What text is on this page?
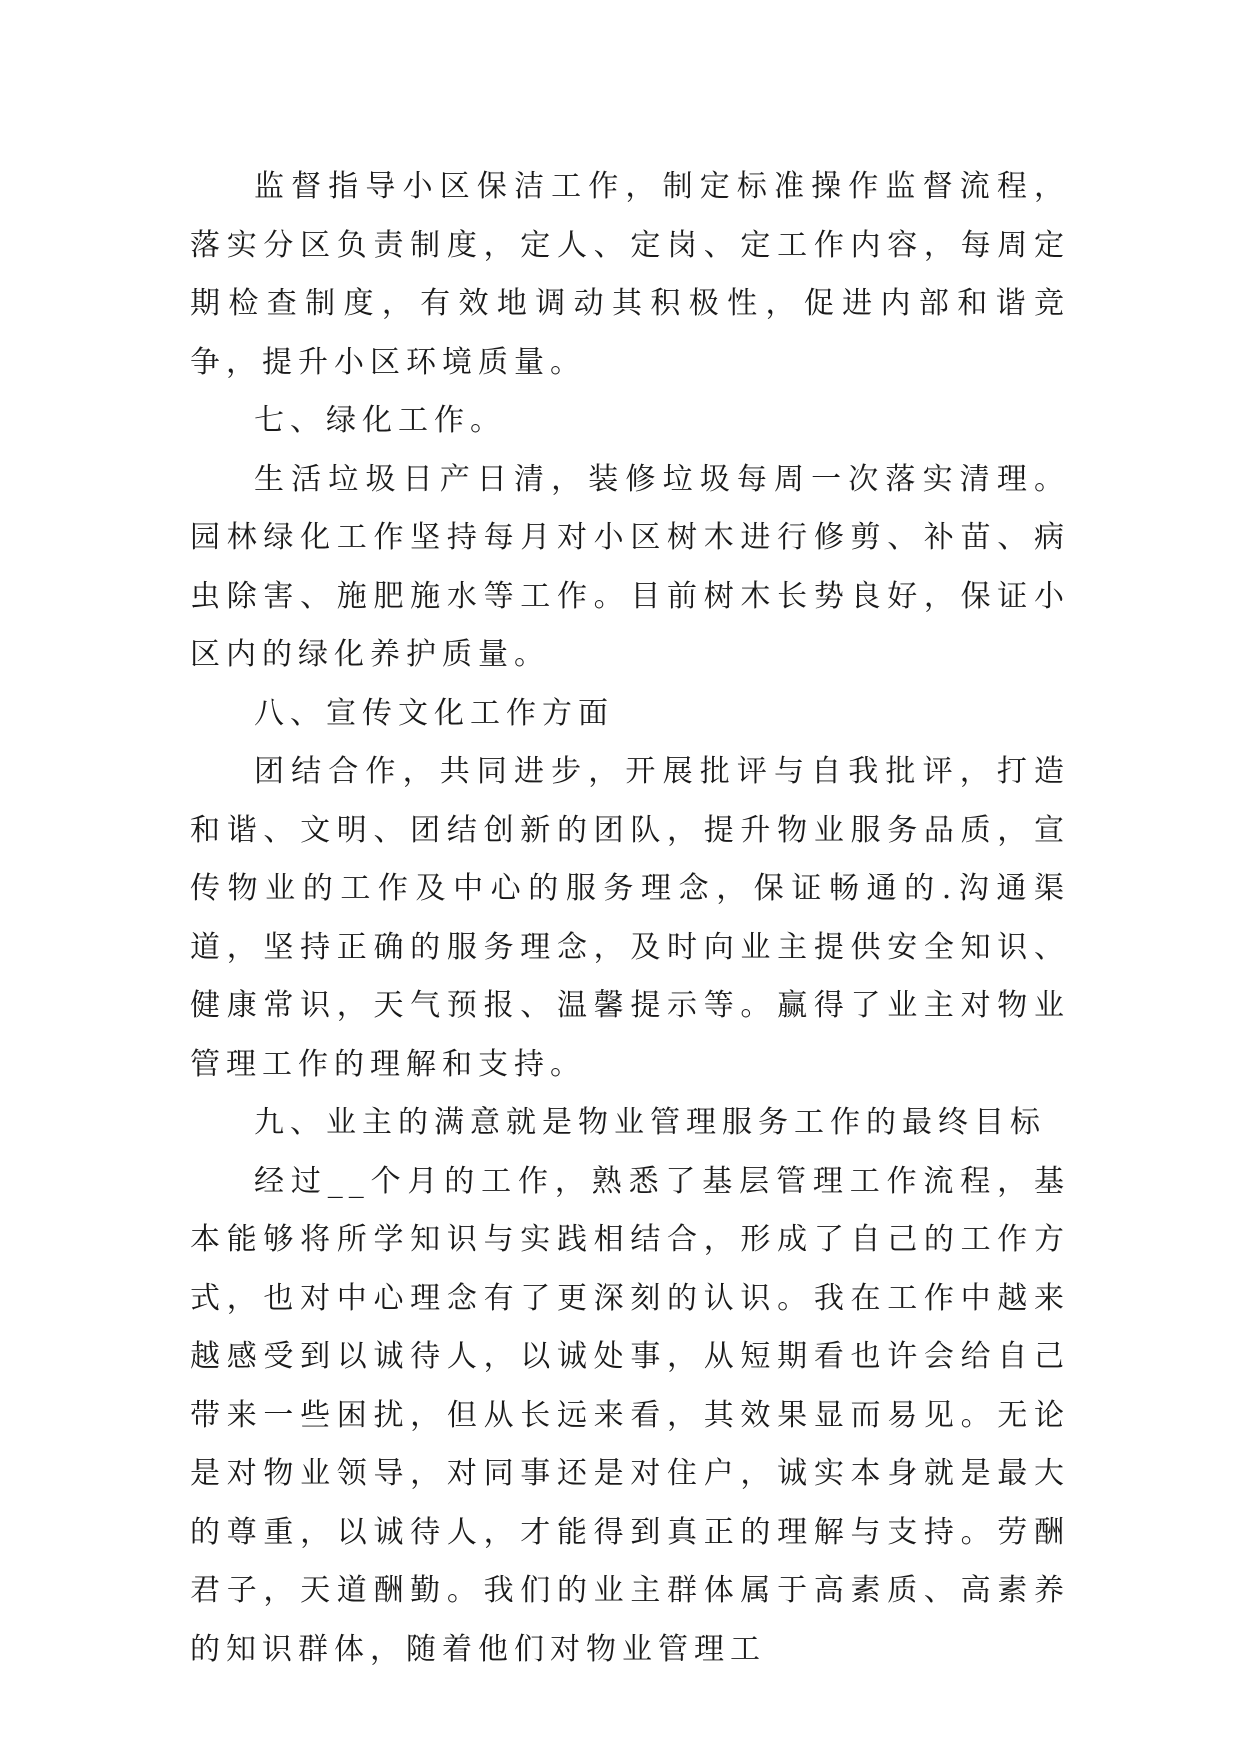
监督指导小区保洁工作，制定标准操作监督流程，落实分区负责制度，定人、定岗、定工作内容，每周定期检查制度，有效地调动其积极性，促进内部和谐竞争，提升小区环境质量。

七、绿化工作。

生活垃圾日产日清，装修垃圾每周一次落实清理。园林绿化工作坚持每月对小区树木进行修剪、补苗、病虫除害、施肥施水等工作。目前树木长势良好，保证小区内的绿化养护质量。

八、宣传文化工作方面

团结合作，共同进步，开展批评与自我批评，打造和谐、文明、团结创新的团队，提升物业服务品质，宣传物业的工作及中心的服务理念，保证畅通的.沟通渠道，坚持正确的服务理念，及时向业主提供安全知识、健康常识，天气预报、温馨提示等。赢得了业主对物业管理工作的理解和支持。

九、业主的满意就是物业管理服务工作的最终目标

经过__个月的工作，熟悉了基层管理工作流程，基本能够将所学知识与实践相结合，形成了自己的工作方式，也对中心理念有了更深刻的认识。我在工作中越来越感受到以诚待人，以诚处事，从短期看也许会给自己带来一些困扰，但从长远来看，其效果显而易见。无论是对物业领导，对同事还是对住户，诚实本身就是最大的尊重，以诚待人，才能得到真正的理解与支持。劳酬君子，天道酬勤。我们的业主群体属于高素质、高素养的知识群体，随着他们对物业管理工
